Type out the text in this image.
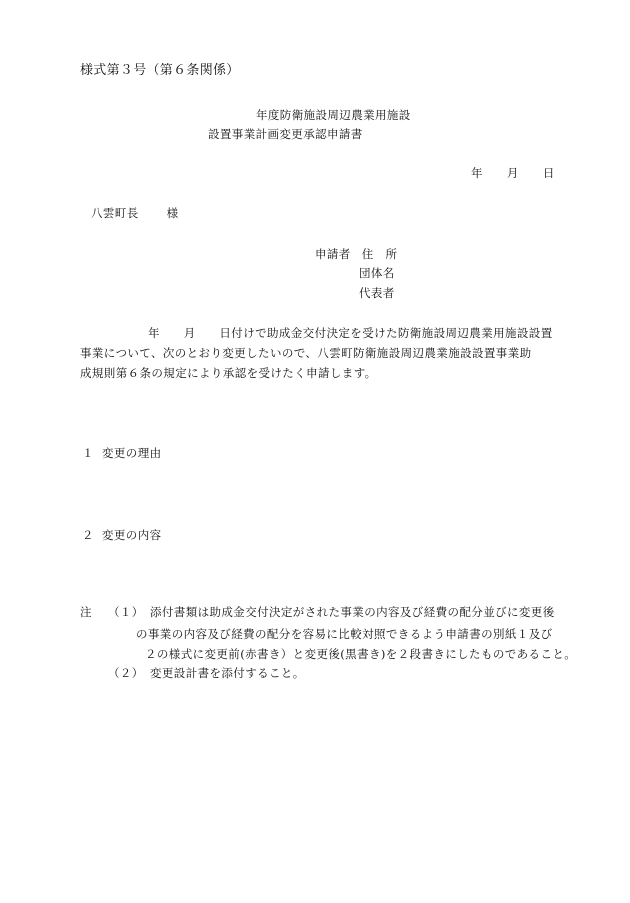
様式第３号（第６条関係）
年度防衛施設周辺農業用施設
設置事業計画変更承認申請書
年 月 日
八雲町長 様
申請者 住　所
団体名
代表者
年　　月　　日付けで助成金交付決定を受けた防衛施設周辺農業用施設設置
事業について、次のとおり変更したいので、八雲町防衛施設周辺農業施設設置事業助
成規則第６条の規定により承認を受けたく申請します。
１ 変更の理由
２ 変更の内容
注 （１） 添付書類は助成金交付決定がされた事業の内容及び経費の配分並びに変更後
の事業の内容及び経費の配分を容易に比較対照できるよう申請書の別紙１及び
２の様式に変更前(赤書き）と変更後(黒書き)を２段書きにしたものであること。
（２） 変更設計書を添付すること。
